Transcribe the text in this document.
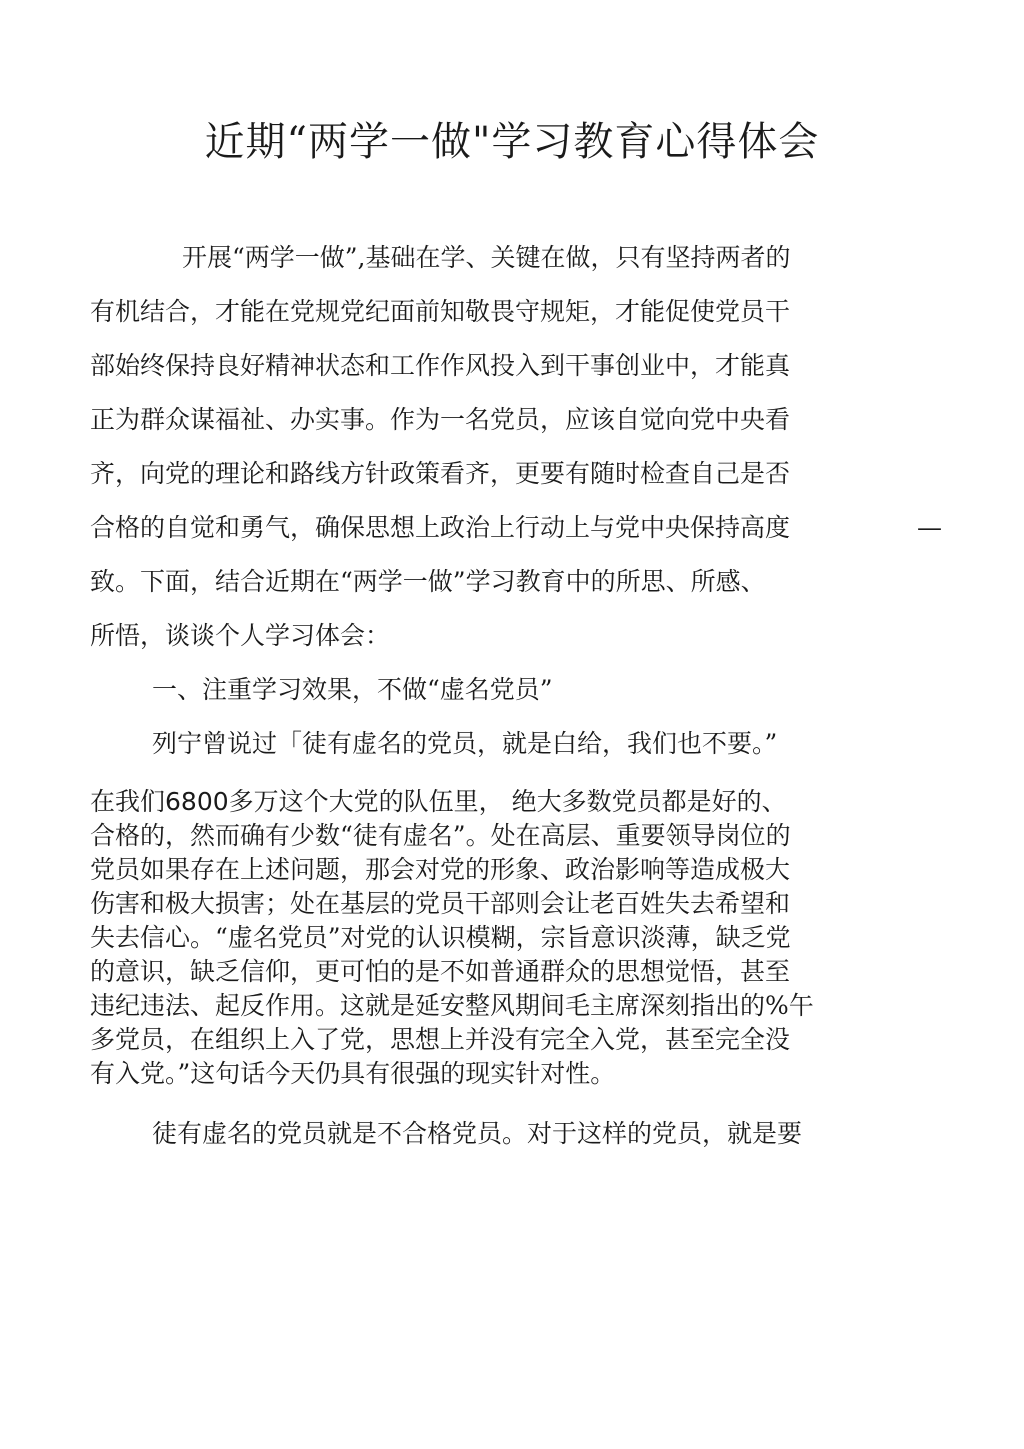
近期“两学一做"学习教育心得体会
开展“两学一做”,基础在学、关键在做，只有坚持两者的
有机结合，才能在党规党纪面前知敬畏守规矩，才能促使党员干
部始终保持良好精神状态和工作作风投入到干事创业中，才能真
正为群众谋福祉、办实事。作为一名党员，应该自觉向党中央看
齐，向党的理论和路线方针政策看齐，更要有随时检查自己是否
合格的自觉和勇气，确保思想上政治上行动上与党中央保持高度	—
致。下面，结合近期在“两学一做”学习教育中的所思、所感、
所悟，谈谈个人学习体会：
一、注重学习效果，不做“虚名党员”
列宁曾说过「徒有虚名的党员，就是白给，我们也不要。”
在我们6800多万这个大党的队伍里， 绝大多数党员都是好的、
合格的，然而确有少数“徒有虚名”。处在高层、重要领导岗位的
党员如果存在上述问题，那会对党的形象、政治影响等造成极大
伤害和极大损害；处在基层的党员干部则会让老百姓失去希望和
失去信心。“虚名党员”对党的认识模糊，宗旨意识淡薄，缺乏党
的意识，缺乏信仰，更可怕的是不如普通群众的思想觉悟，甚至
违纪违法、起反作用。这就是延安整风期间毛主席深刻指出的%午
多党员，在组织上入了党，思想上并没有完全入党，甚至完全没
有入党。”这句话今天仍具有很强的现实针对性。
徒有虚名的党员就是不合格党员。对于这样的党员，就是要
